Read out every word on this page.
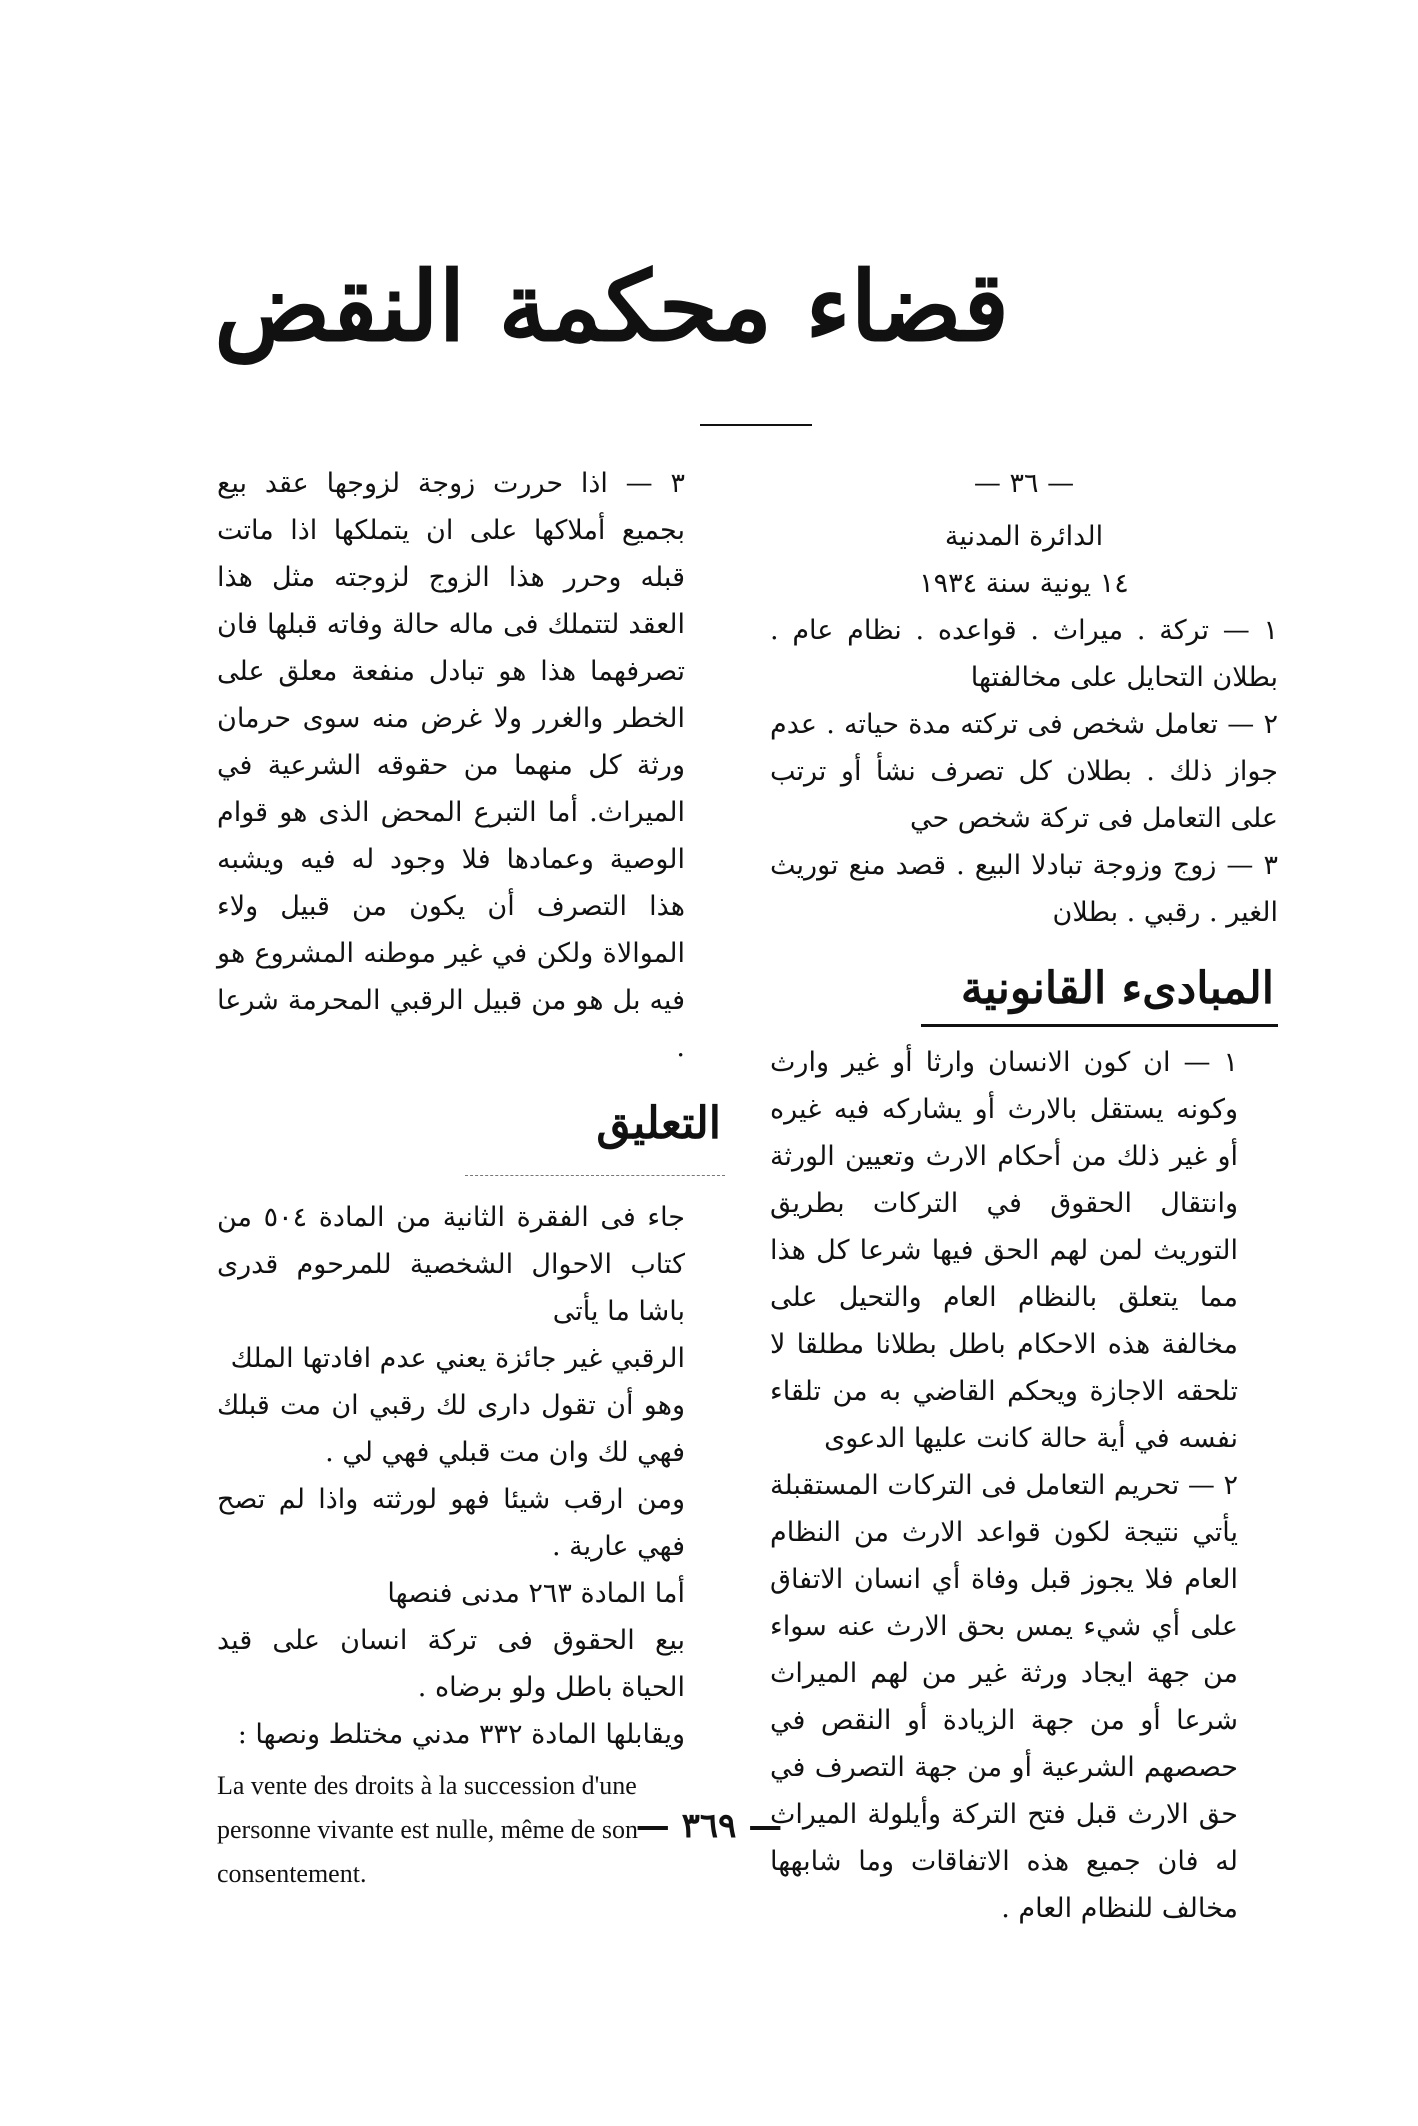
قضاء محكمة النقض

— ٣٦ —

الدائرة المدنية

١٤ يونية سنة ١٩٣٤

١ — تركة . ميراث . قواعده . نظام عام . بطلان التحايل على مخالفتها

٢ — تعامل شخص فى تركته مدة حياته . عدم جواز ذلك . بطلان كل تصرف نشأ أو ترتب على التعامل فى تركة شخص حي

٣ — زوج وزوجة تبادلا البيع . قصد منع توريث الغير . رقبي . بطلان

المبادىء القانونية

١ — ان كون الانسان وارثا أو غير وارث وكونه يستقل بالارث أو يشاركه فيه غيره أو غير ذلك من أحكام الارث وتعيين الورثة وانتقال الحقوق في التركات بطريق التوريث لمن لهم الحق فيها شرعا كل هذا مما يتعلق بالنظام العام والتحيل على مخالفة هذه الاحكام باطل بطلانا مطلقا لا تلحقه الاجازة ويحكم القاضي به من تلقاء نفسه في أية حالة كانت عليها الدعوى

٢ — تحريم التعامل فى التركات المستقبلة يأتي نتيجة لكون قواعد الارث من النظام العام فلا يجوز قبل وفاة أي انسان الاتفاق على أي شيء يمس بحق الارث عنه سواء من جهة ايجاد ورثة غير من لهم الميراث شرعا أو من جهة الزيادة أو النقص في حصصهم الشرعية أو من جهة التصرف في حق الارث قبل فتح التركة وأيلولة الميراث له فان جميع هذه الاتفاقات وما شابهها مخالف للنظام العام .

٣ — اذا حررت زوجة لزوجها عقد بيع بجميع أملاكها على ان يتملكها اذا ماتت قبله وحرر هذا الزوج لزوجته مثل هذا العقد لتتملك فى ماله حالة وفاته قبلها فان تصرفهما هذا هو تبادل منفعة معلق على الخطر والغرر ولا غرض منه سوى حرمان ورثة كل منهما من حقوقه الشرعية في الميراث. أما التبرع المحض الذى هو قوام الوصية وعمادها فلا وجود له فيه ويشبه هذا التصرف أن يكون من قبيل ولاء الموالاة ولكن في غير موطنه المشروع هو فيه بل هو من قبيل الرقبي المحرمة شرعا .

التعليق

جاء فى الفقرة الثانية من المادة ٥٠٤ من كتاب الاحوال الشخصية للمرحوم قدرى باشا ما يأتى

الرقبي غير جائزة يعني عدم افادتها الملك

وهو أن تقول دارى لك رقبي ان مت قبلك فهي لك وان مت قبلي فهي لي .

ومن ارقب شيئا فهو لورثته واذا لم تصح فهي عارية .

أما المادة ٢٦٣ مدنى فنصها

بيع الحقوق فى تركة انسان على قيد الحياة باطل ولو برضاه .

ويقابلها المادة ٣٣٢ مدني مختلط ونصها :

La vente des droits à la succession d'une personne vivante est nulle, même de son consentement.

— ٣٦٩ —
